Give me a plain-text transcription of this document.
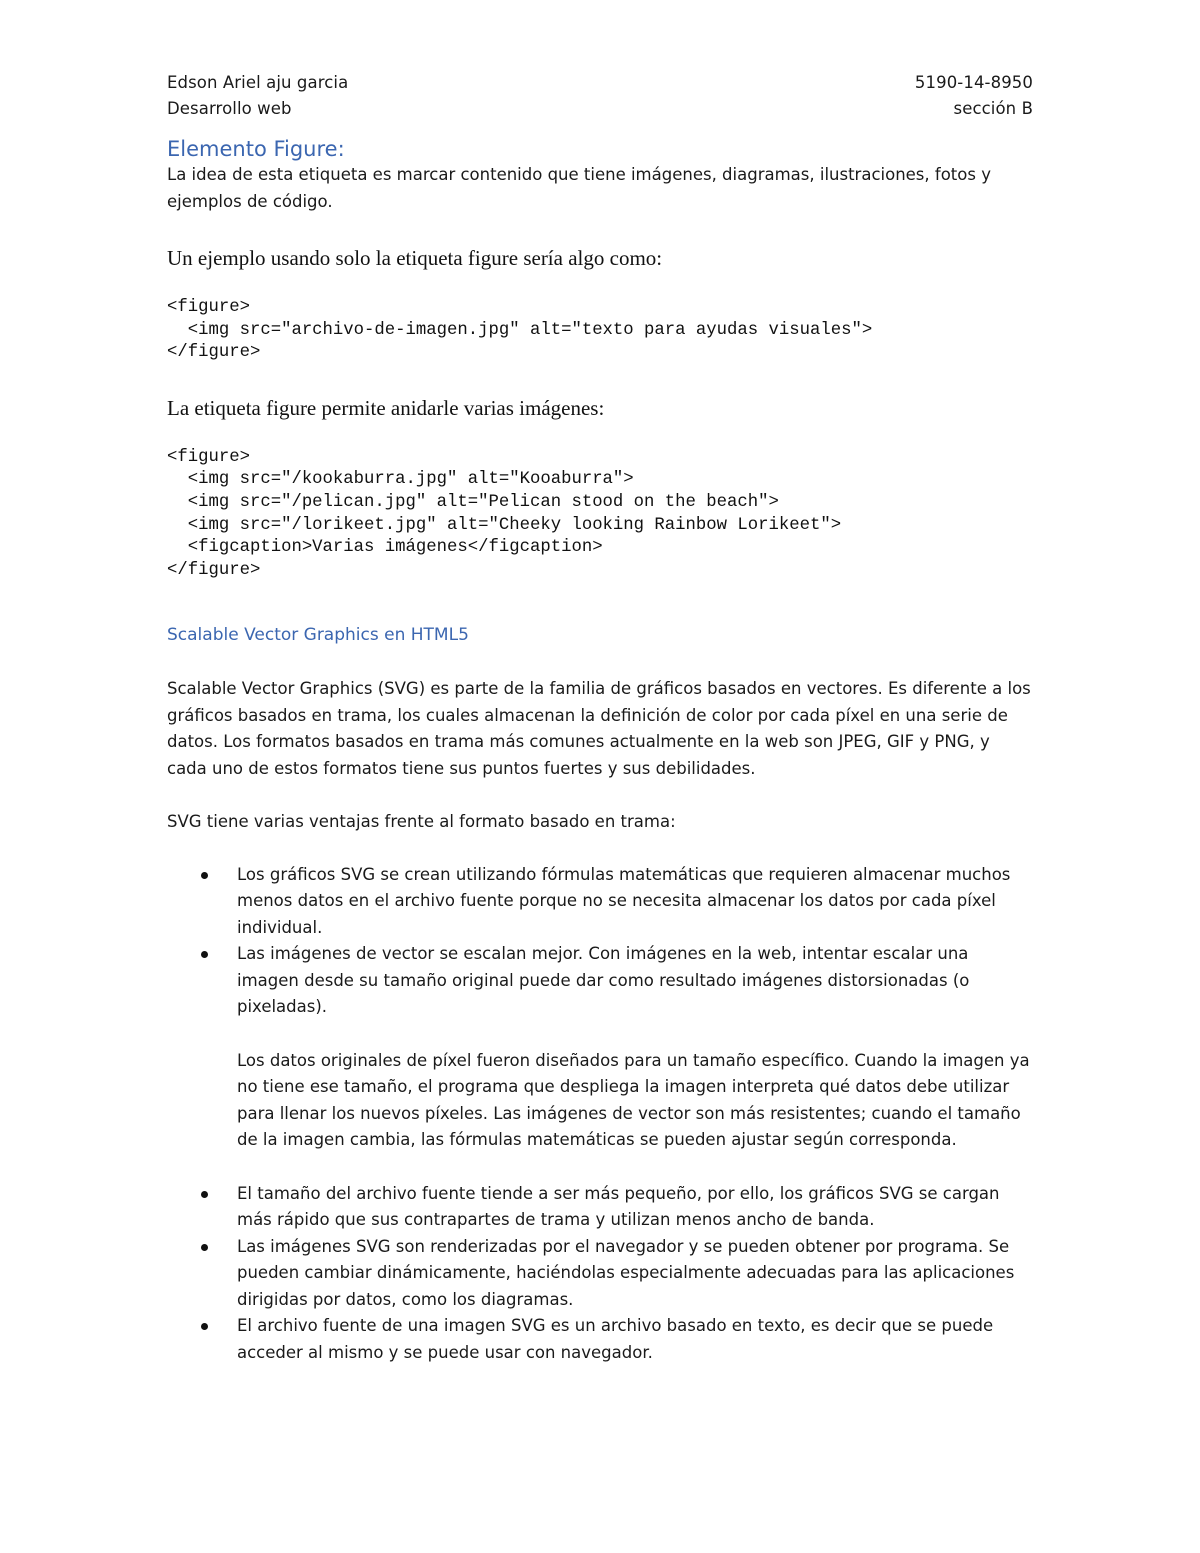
Edson Ariel aju garcia	5190-14-8950
Desarrollo web	sección B
Elemento Figure:

La idea de esta etiqueta es marcar contenido que tiene imágenes, diagramas, ilustraciones, fotos y ejemplos de código.

Un ejemplo usando solo la etiqueta figure sería algo como:
<figure>
<img src="archivo-de-imagen.jpg" alt="texto para ayudas visuales">
</figure>
La etiqueta figure permite anidarle varias imágenes:
<figure>
<img src="/kookaburra.jpg" alt="Kooaburra">
<img src="/pelican.jpg" alt="Pelican stood on the beach">
<img src="/lorikeet.jpg" alt="Cheeky looking Rainbow Lorikeet">
<figcaption>Varias imágenes</figcaption>
</figure>
Scalable Vector Graphics en HTML5

Scalable Vector Graphics (SVG) es parte de la familia de gráficos basados en vectores. Es diferente a los gráficos basados en trama, los cuales almacenan la definición de color por cada píxel en una serie de datos. Los formatos basados en trama más comunes actualmente en la web son JPEG, GIF y PNG, y cada uno de estos formatos tiene sus puntos fuertes y sus debilidades.

SVG tiene varias ventajas frente al formato basado en trama:

Los gráficos SVG se crean utilizando fórmulas matemáticas que requieren almacenar muchos menos datos en el archivo fuente porque no se necesita almacenar los datos por cada píxel individual.
Las imágenes de vector se escalan mejor. Con imágenes en la web, intentar escalar una imagen desde su tamaño original puede dar como resultado imágenes distorsionadas (o pixeladas).
Los datos originales de píxel fueron diseñados para un tamaño específico. Cuando la imagen ya no tiene ese tamaño, el programa que despliega la imagen interpreta qué datos debe utilizar para llenar los nuevos píxeles. Las imágenes de vector son más resistentes; cuando el tamaño de la imagen cambia, las fórmulas matemáticas se pueden ajustar según corresponda.
El tamaño del archivo fuente tiende a ser más pequeño, por ello, los gráficos SVG se cargan más rápido que sus contrapartes de trama y utilizan menos ancho de banda.
Las imágenes SVG son renderizadas por el navegador y se pueden obtener por programa. Se pueden cambiar dinámicamente, haciéndolas especialmente adecuadas para las aplicaciones dirigidas por datos, como los diagramas.
El archivo fuente de una imagen SVG es un archivo basado en texto, es decir que se puede acceder al mismo y se puede usar con navegador.
